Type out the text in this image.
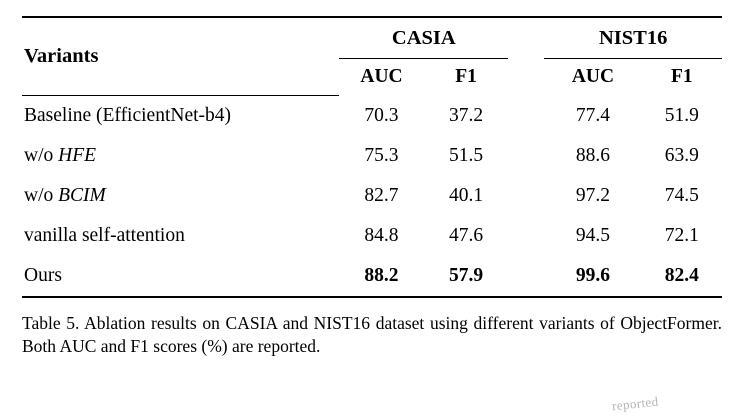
Variants	CASIA			NIST16	

	AUC	F1		AUC	F1

Baseline (EfficientNet-b4)	70.3	37.2		77.4	51.9
w/o HFE	75.3	51.5		88.6	63.9
w/o BCIM	82.7	40.1		97.2	74.5
vanilla self-attention	84.8	47.6		94.5	72.1
Ours	88.2	57.9		99.6	82.4
Table 5. Ablation results on CASIA and NIST16 dataset using different variants of ObjectFormer. Both AUC and F1 scores (%) are reported.
reported
